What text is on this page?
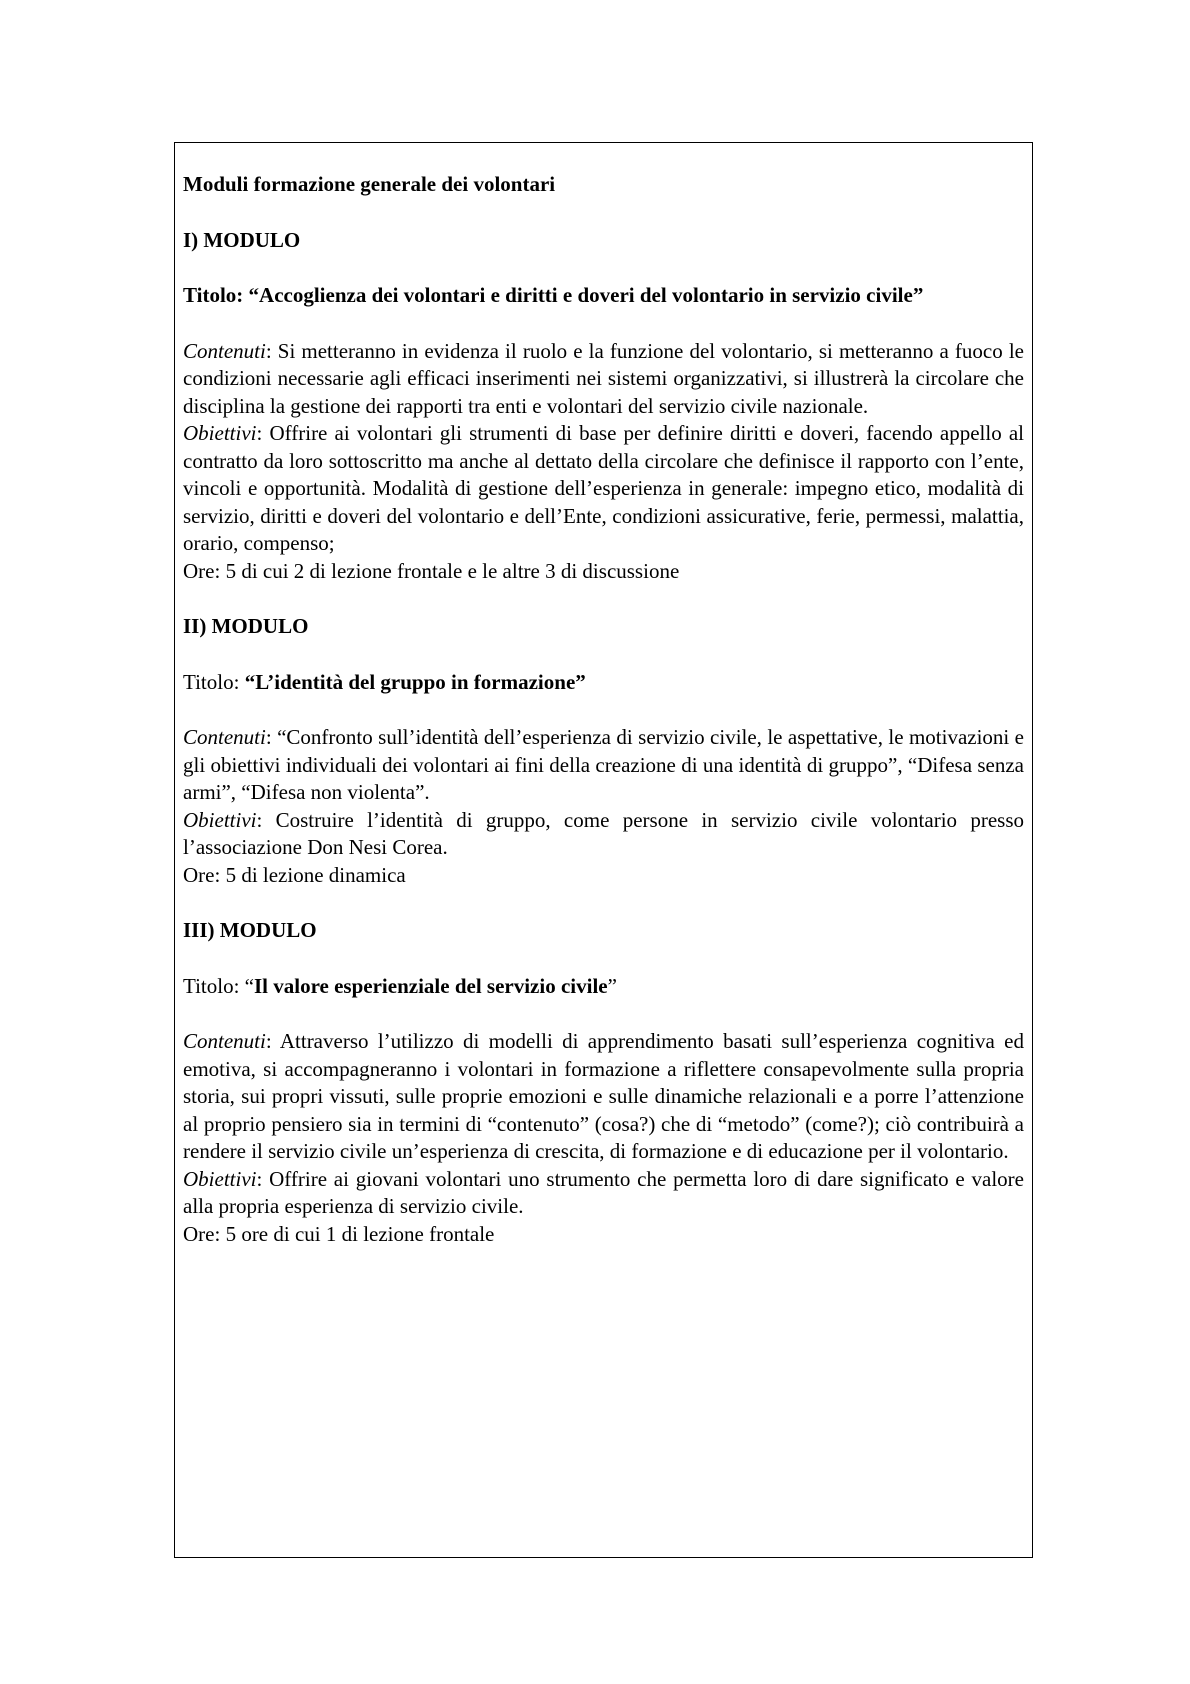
Moduli formazione generale dei volontari

I) MODULO

Titolo: “Accoglienza dei volontari e diritti e doveri del volontario in servizio civile”

Contenuti: Si metteranno in evidenza il ruolo e la funzione del volontario, si metteranno a fuoco le condizioni necessarie agli efficaci inserimenti nei sistemi organizzativi, si illustrerà la circolare che disciplina la gestione dei rapporti tra enti e volontari del servizio civile nazionale.

Obiettivi: Offrire ai volontari gli strumenti di base per definire diritti e doveri, facendo appello al contratto da loro sottoscritto ma anche al dettato della circolare che definisce il rapporto con l’ente, vincoli e opportunità. Modalità di gestione dell’esperienza in generale: impegno etico, modalità di servizio, diritti e doveri del volontario e dell’Ente, condizioni assicurative, ferie, permessi, malattia, orario, compenso;

Ore: 5 di cui 2 di lezione frontale e le altre 3 di discussione

II) MODULO

Titolo: “L’identità del gruppo in formazione”

Contenuti: “Confronto sull’identità dell’esperienza di servizio civile, le aspettative, le motivazioni e gli obiettivi individuali dei volontari ai fini della creazione di una identità di gruppo”, “Difesa senza armi”, “Difesa non violenta”.

Obiettivi: Costruire l’identità di gruppo, come persone in servizio civile volontario presso l’associazione Don Nesi Corea.

Ore: 5 di lezione dinamica

III) MODULO

Titolo: “Il valore esperienziale del servizio civile”

Contenuti: Attraverso l’utilizzo di modelli di apprendimento basati sull’esperienza cognitiva ed emotiva, si accompagneranno i volontari in formazione a riflettere consapevolmente sulla propria storia, sui propri vissuti, sulle proprie emozioni e sulle dinamiche relazionali e a porre l’attenzione al proprio pensiero sia in termini di “contenuto” (cosa?) che di “metodo” (come?); ciò contribuirà a rendere il servizio civile un’esperienza di crescita, di formazione e di educazione per il volontario.

Obiettivi: Offrire ai giovani volontari uno strumento che permetta loro di dare significato e valore alla propria esperienza di servizio civile.

Ore: 5 ore di cui 1 di lezione frontale
